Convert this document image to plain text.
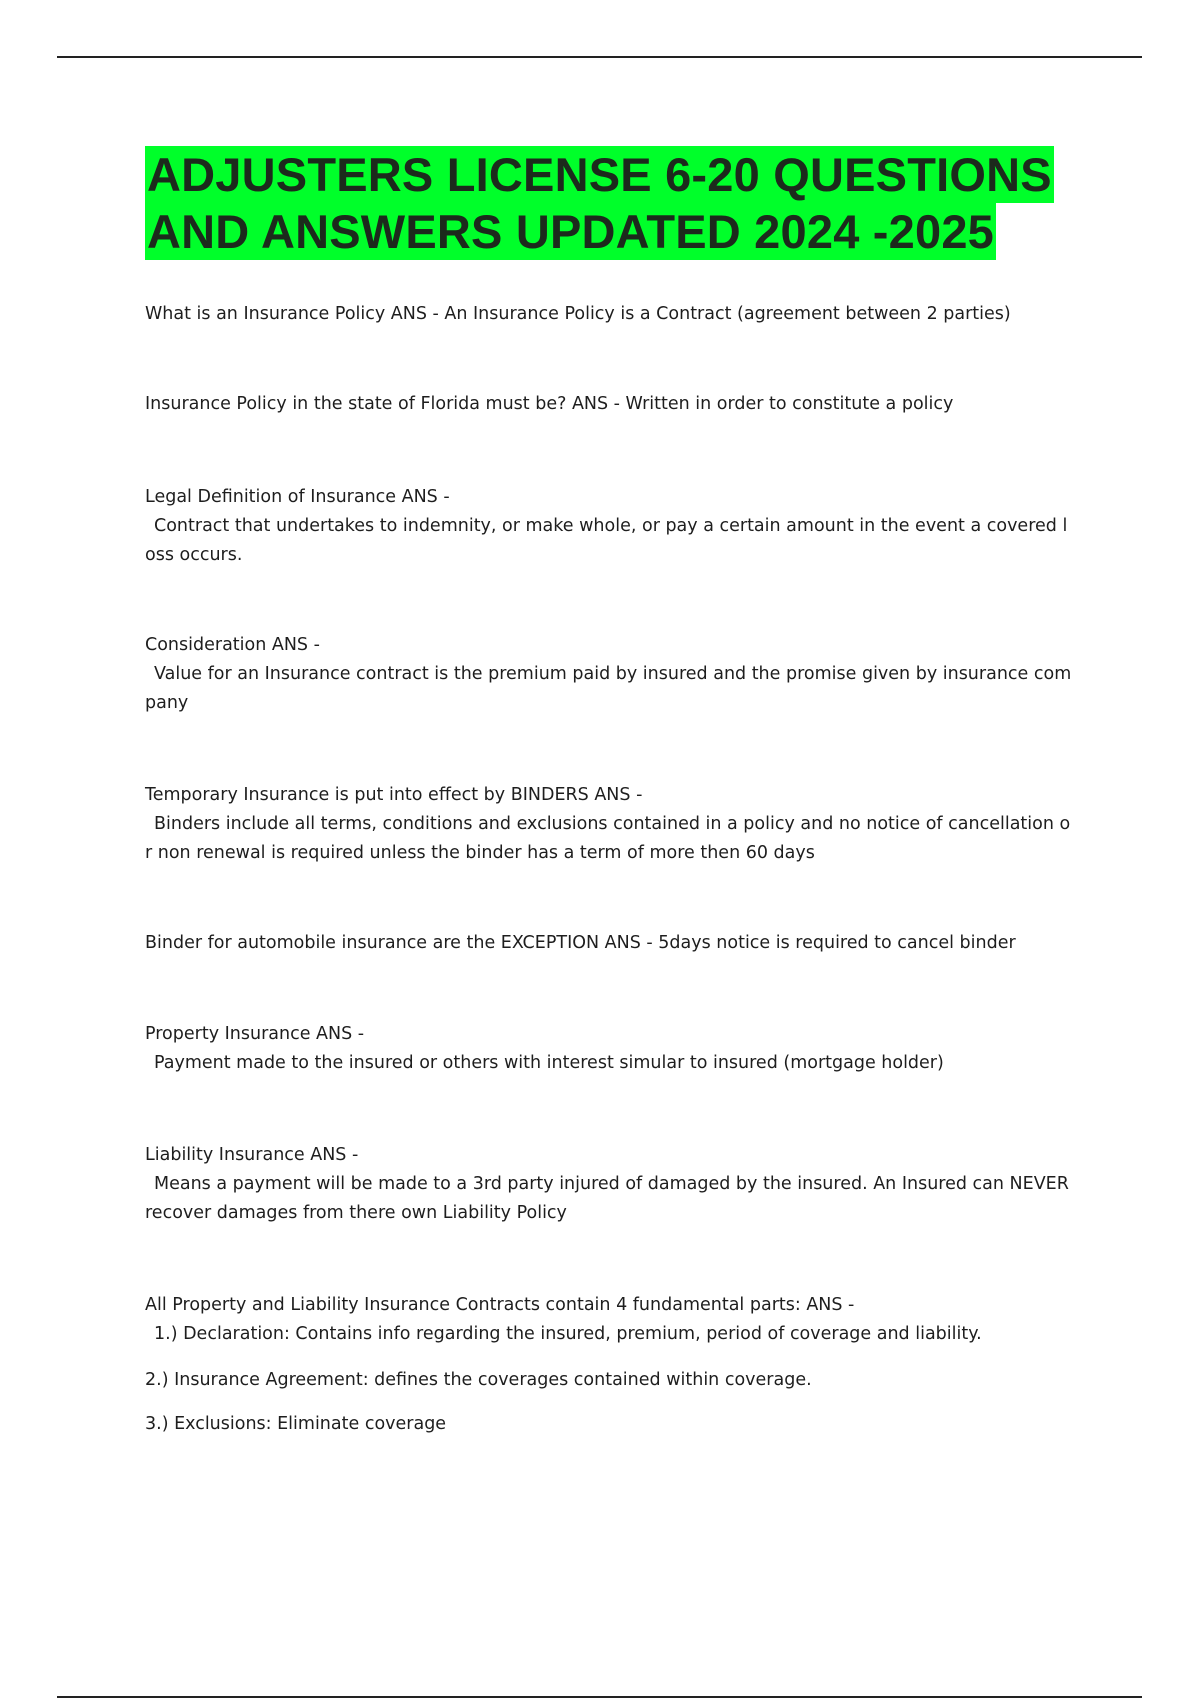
ADJUSTERS LICENSE 6-20 QUESTIONS
AND ANSWERS UPDATED 2024 -2025
What is an Insurance Policy ANS - An Insurance Policy is a Contract (agreement between 2 parties)
Insurance Policy in the state of Florida must be? ANS - Written in order to constitute a policy
Legal Definition of Insurance ANS -
Contract that undertakes to indemnity, or make whole, or pay a certain amount in the event a covered l
oss occurs.
Consideration ANS -
Value for an Insurance contract is the premium paid by insured and the promise given by insurance com
pany
Temporary Insurance is put into effect by BINDERS ANS -
Binders include all terms, conditions and exclusions contained in a policy and no notice of cancellation o
r non renewal is required unless the binder has a term of more then 60 days
Binder for automobile insurance are the EXCEPTION ANS - 5days notice is required to cancel binder
Property Insurance ANS -
Payment made to the insured or others with interest simular to insured (mortgage holder)
Liability Insurance ANS -
Means a payment will be made to a 3rd party injured of damaged by the insured. An Insured can NEVER
recover damages from there own Liability Policy
All Property and Liability Insurance Contracts contain 4 fundamental parts: ANS -
1.) Declaration: Contains info regarding the insured, premium, period of coverage and liability.
2.) Insurance Agreement: defines the coverages contained within coverage.
3.) Exclusions: Eliminate coverage
